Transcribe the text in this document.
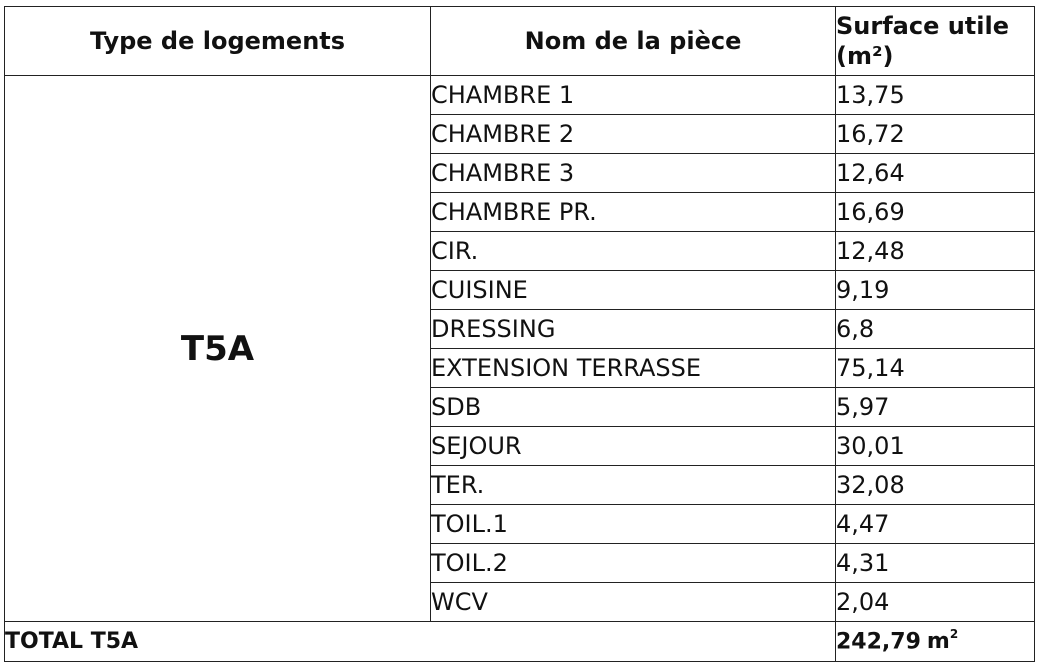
Type de logements	Nom de la pièce	Surface utile
(m²)

T5A	CHAMBRE 1	13,75
	CHAMBRE 2	16,72
	CHAMBRE 3	12,64
	CHAMBRE PR.	16,69
	CIR.	12,48
	CUISINE	9,19
	DRESSING	6,8
	EXTENSION TERRASSE	75,14
	SDB	5,97
	SEJOUR	30,01
	TER.	32,08
	TOIL.1	4,47
	TOIL.2	4,31
	WCV	2,04
TOTAL T5A		242,79 $m^2$
